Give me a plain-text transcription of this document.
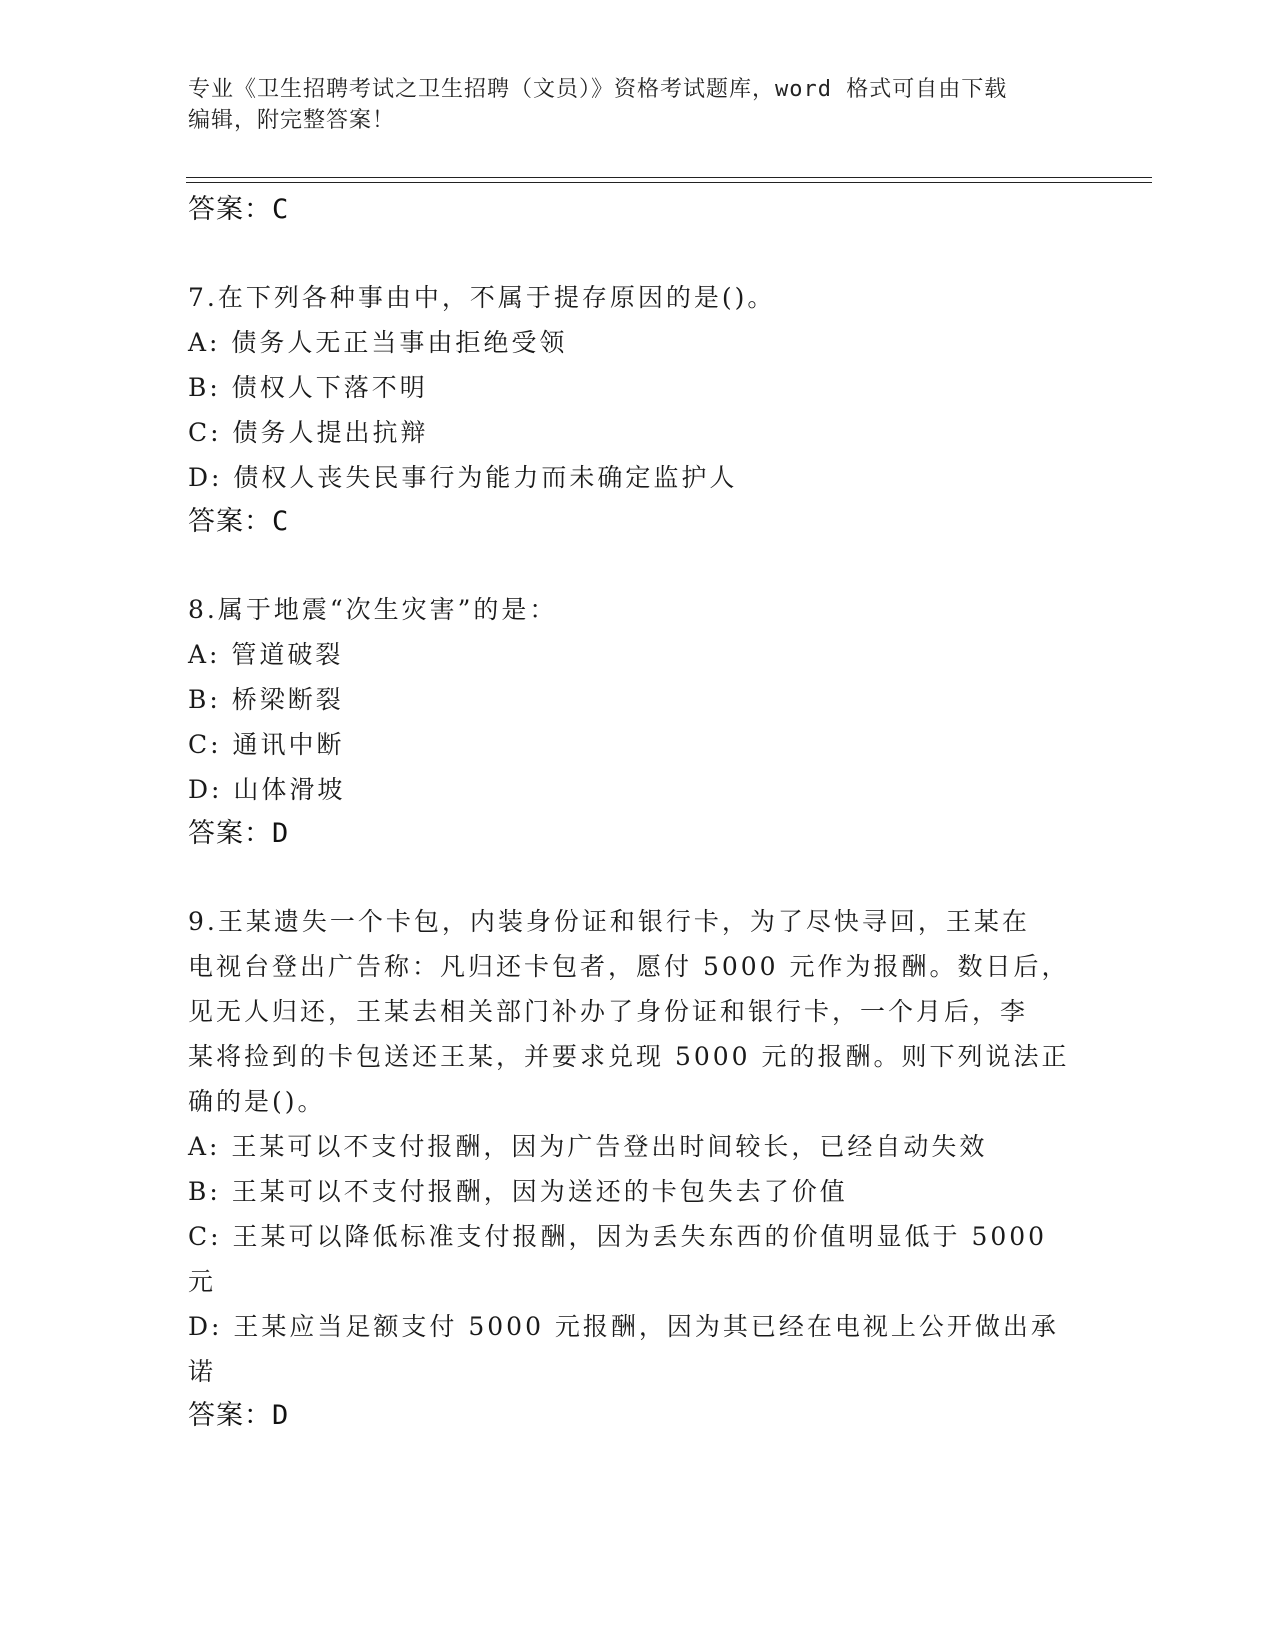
专业《卫生招聘考试之卫生招聘（文员）》资格考试题库，word 格式可自由下载
编辑，附完整答案！
答案：C
7.在下列各种事由中，不属于提存原因的是()。
A: 债务人无正当事由拒绝受领
B: 债权人下落不明
C: 债务人提出抗辩
D: 债权人丧失民事行为能力而未确定监护人
答案：C
8.属于地震“次生灾害”的是：
A: 管道破裂
B: 桥梁断裂
C: 通讯中断
D: 山体滑坡
答案：D
9.王某遗失一个卡包，内装身份证和银行卡，为了尽快寻回，王某在
电视台登出广告称：凡归还卡包者，愿付 5000 元作为报酬。数日后，
见无人归还，王某去相关部门补办了身份证和银行卡，一个月后，李
某将捡到的卡包送还王某，并要求兑现 5000 元的报酬。则下列说法正
确的是()。
A: 王某可以不支付报酬，因为广告登出时间较长，已经自动失效
B: 王某可以不支付报酬，因为送还的卡包失去了价值
C: 王某可以降低标准支付报酬，因为丢失东西的价值明显低于 5000
元
D: 王某应当足额支付 5000 元报酬，因为其已经在电视上公开做出承
诺
答案：D
